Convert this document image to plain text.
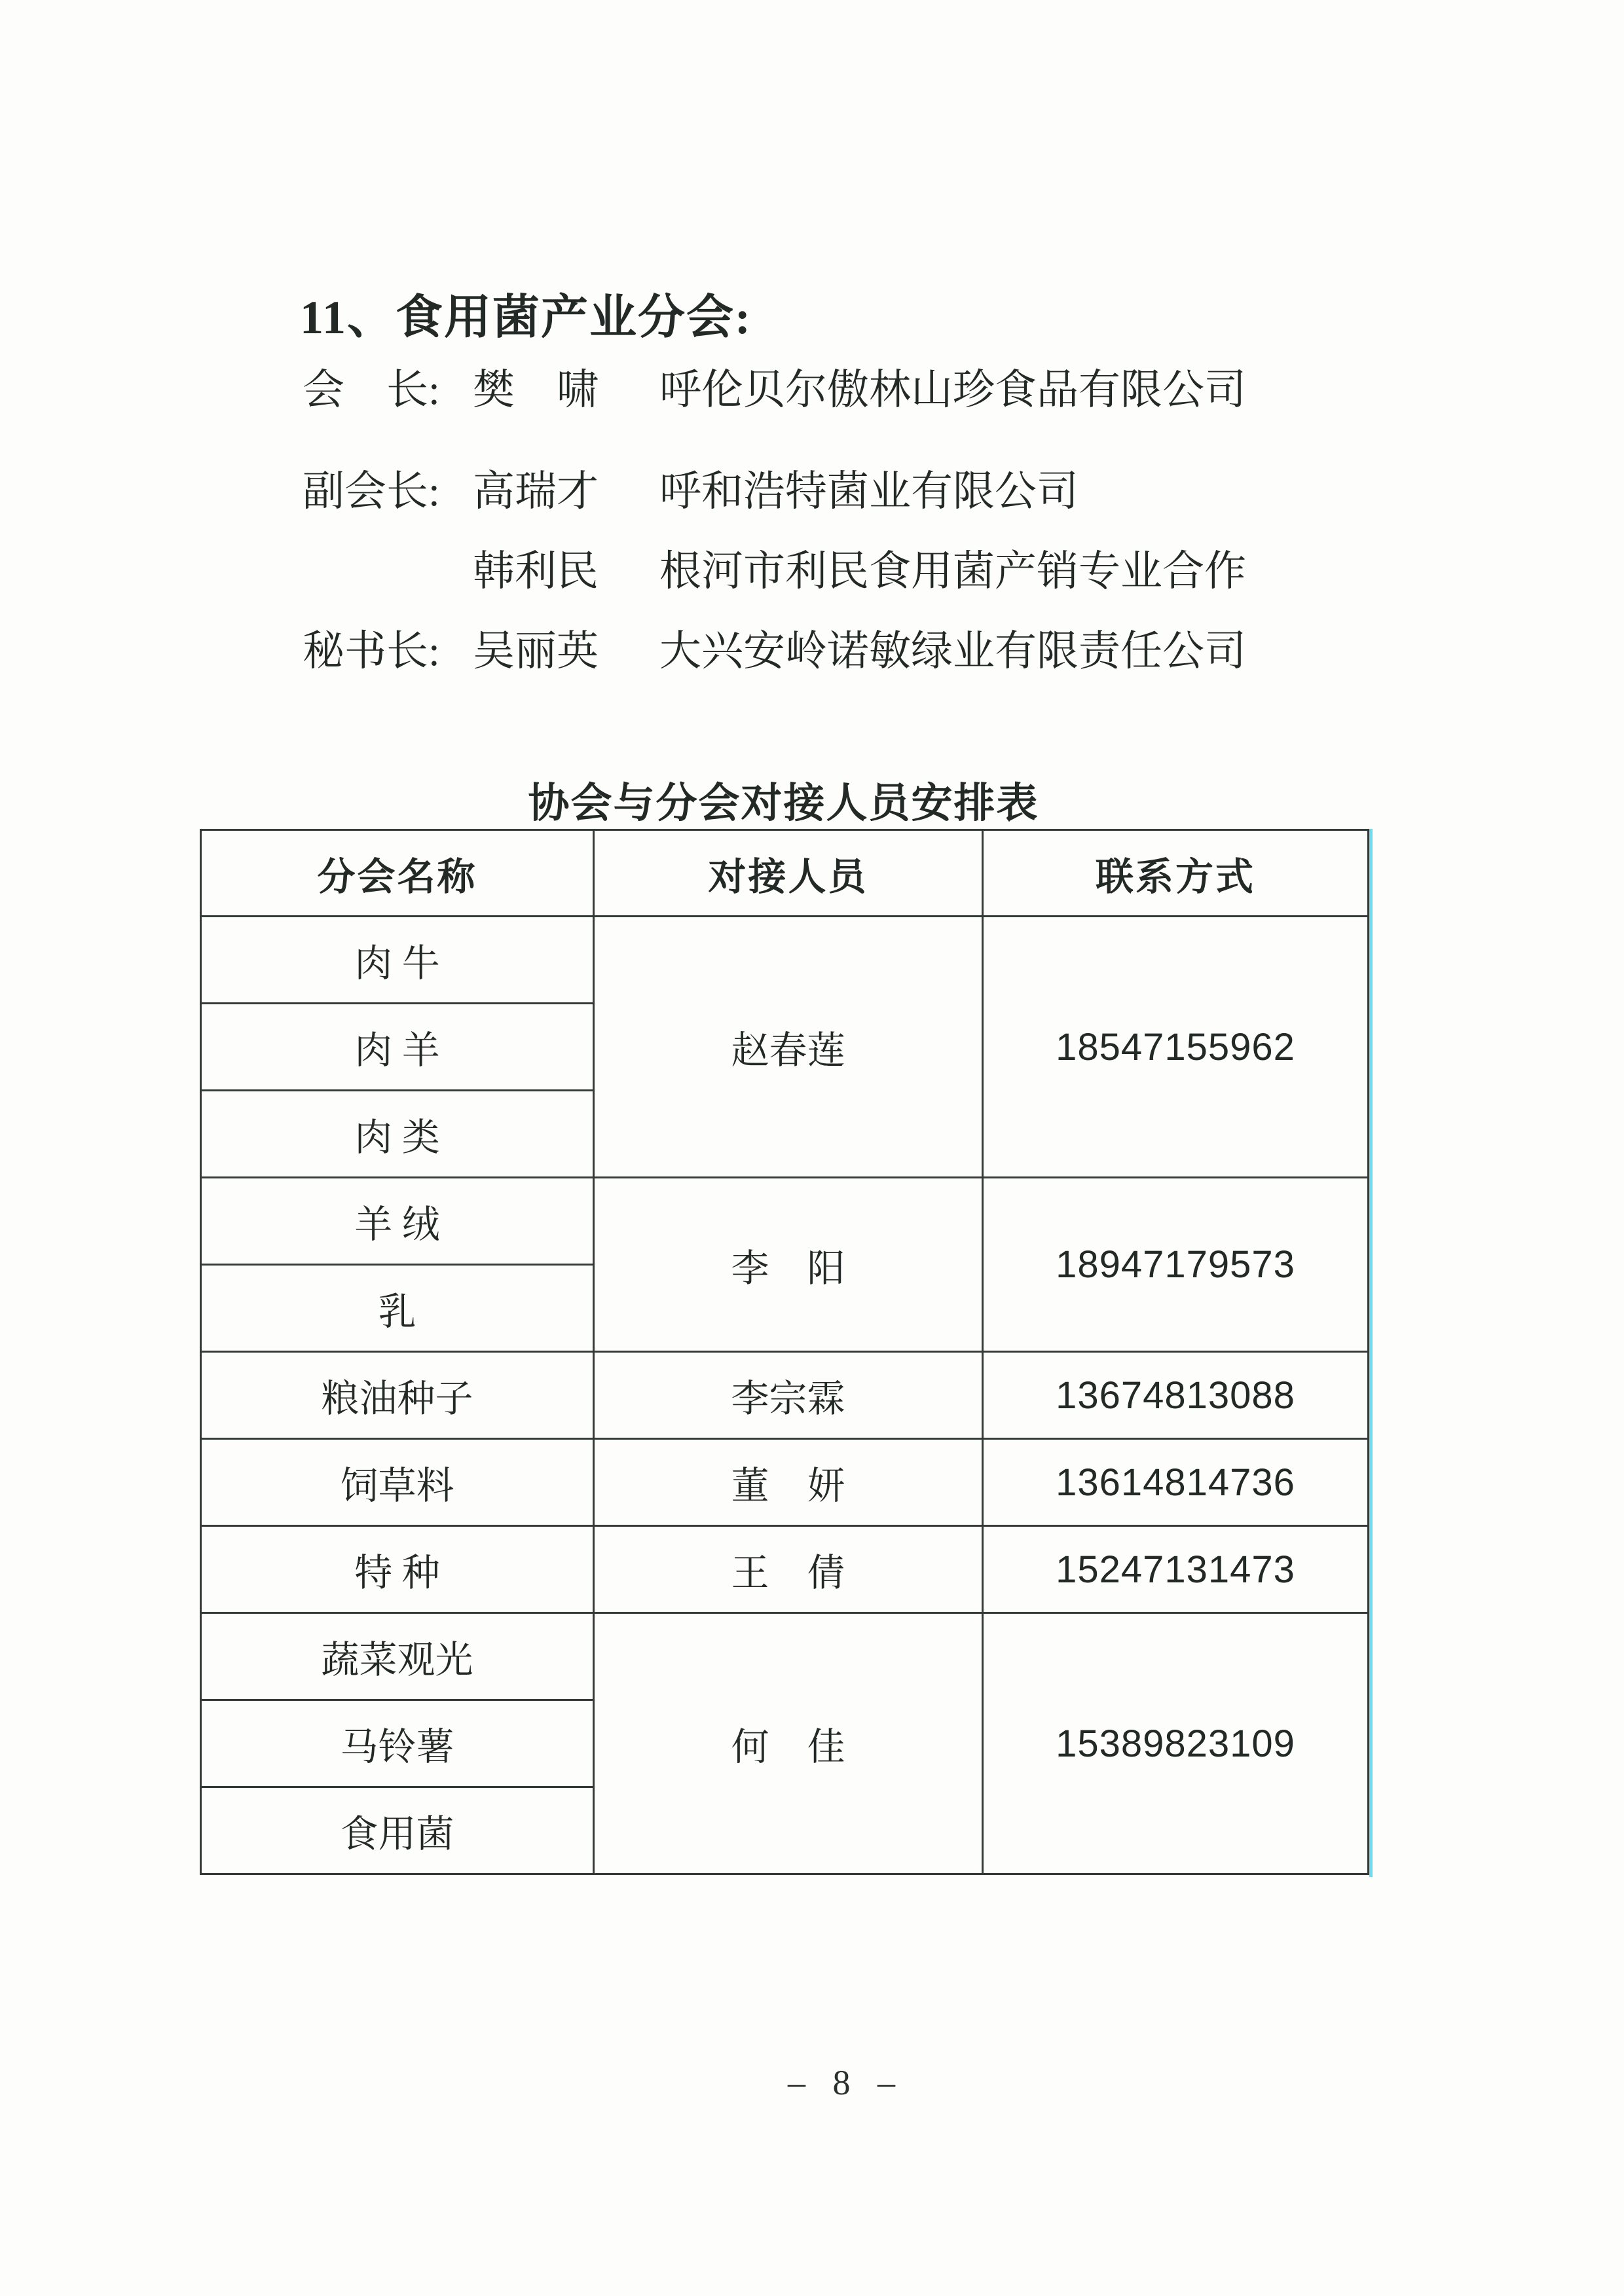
11、食用菌产业分会:
会　长: 樊　啸 呼伦贝尔傲林山珍食品有限公司
副会长: 高瑞才 呼和浩特菌业有限公司
韩利民 根河市利民食用菌产销专业合作
秘书长: 吴丽英 大兴安岭诺敏绿业有限责任公司
协会与分会对接人员安排表
分会名称	对接人员	联系方式
肉 牛	赵春莲	18547155962
肉 羊		
肉 类		
羊 绒	李　阳	18947179573
乳		
粮油种子	李宗霖	13674813088
饲草料	董　妍	13614814736
特 种	王　倩	15247131473
蔬菜观光	何　佳	15389823109
马铃薯		
食用菌		
– 8 –
